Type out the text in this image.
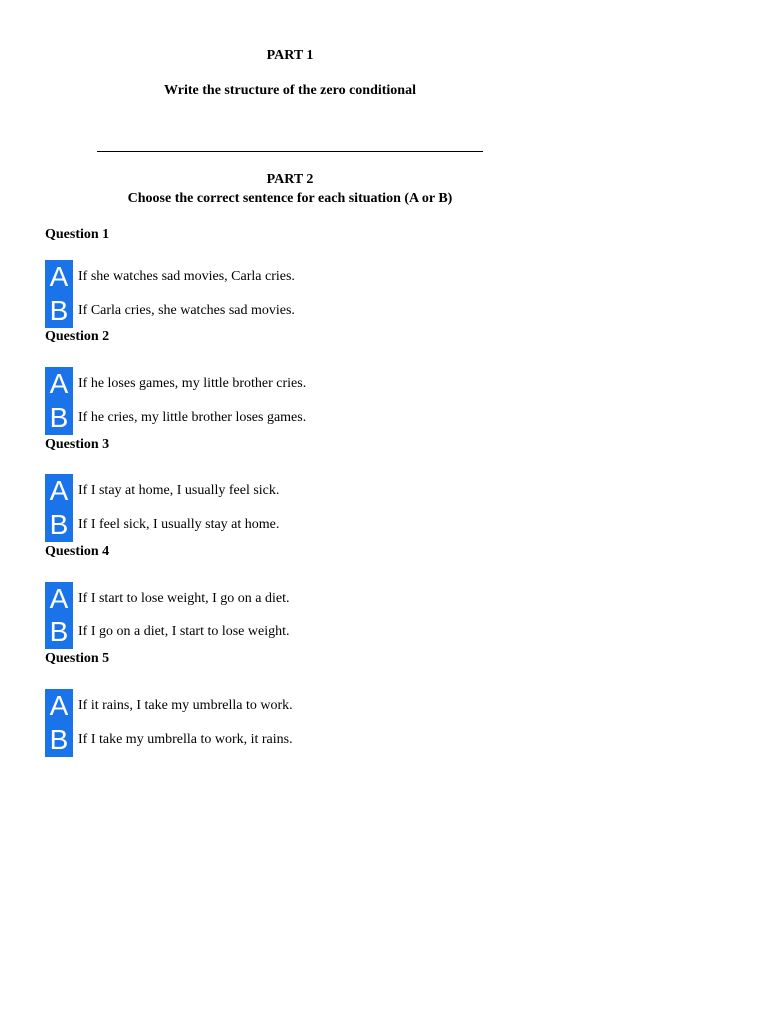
PART 1
Write the structure of the zero conditional
PART 2
Choose the correct sentence for each situation (A or B)
Question 1
A If she watches sad movies, Carla cries.
B If Carla cries, she watches sad movies.
Question 2
A If he loses games, my little brother cries.
B If he cries, my little brother loses games.
Question 3
A If I stay at home, I usually feel sick.
B If I feel sick, I usually stay at home.
Question 4
A If I start to lose weight, I go on a diet.
B If I go on a diet, I start to lose weight.
Question 5
A If it rains, I take my umbrella to work.
B If I take my umbrella to work, it rains.
